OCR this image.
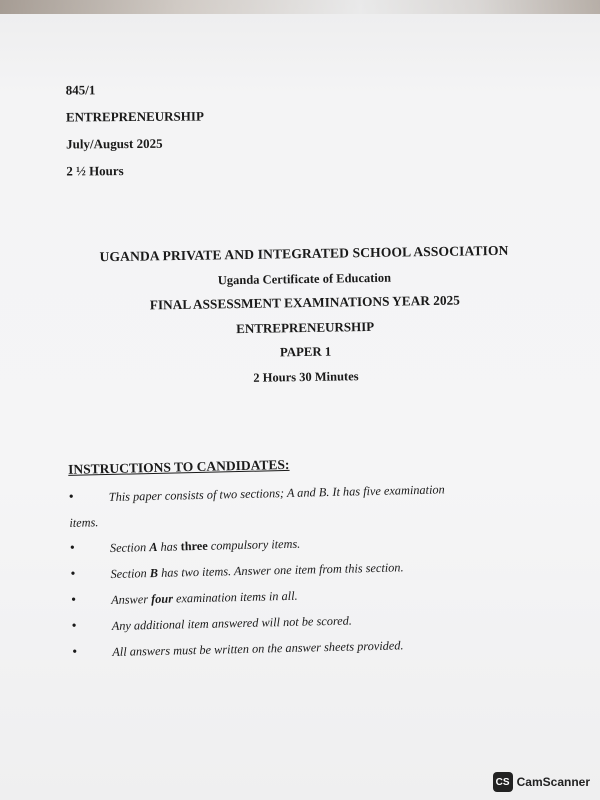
845/1
ENTREPRENEURSHIP
July/August 2025
2 ½ Hours
UGANDA PRIVATE AND INTEGRATED SCHOOL ASSOCIATION
Uganda Certificate of Education
FINAL ASSESSMENT EXAMINATIONS YEAR 2025
ENTREPRENEURSHIP
PAPER 1
2 Hours 30 Minutes
INSTRUCTIONS TO CANDIDATES:
•	This paper consists of two sections; A and B. It has five examination
items.
•	Section A has three compulsory items.
•	Section B has two items. Answer one item from this section.
•	Answer four examination items in all.
•	Any additional item answered will not be scored.
•	All answers must be written on the answer sheets provided.
CS CamScanner
